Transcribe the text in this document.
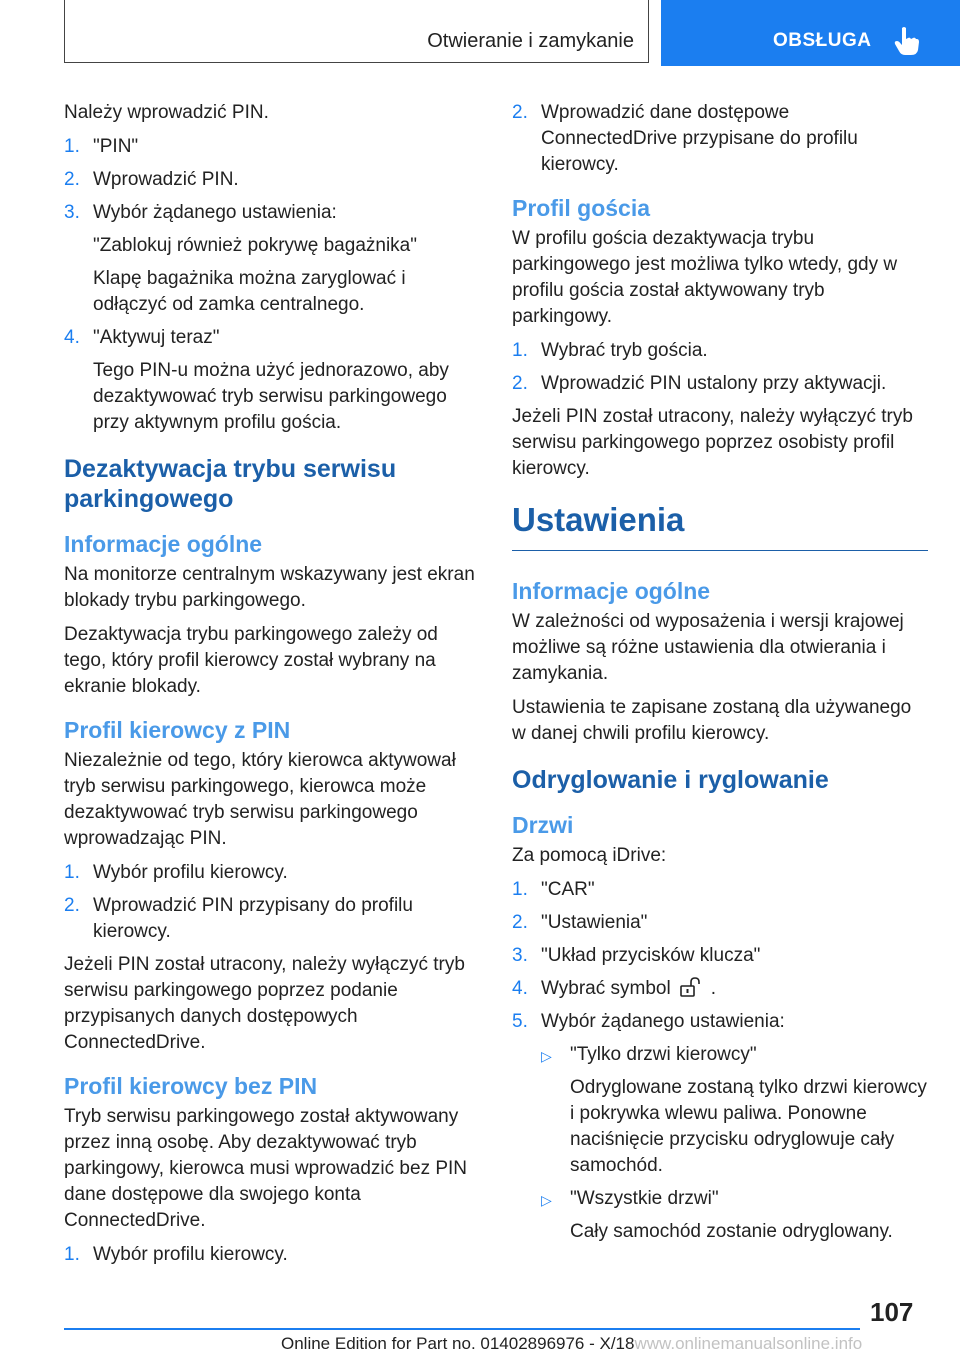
Otwieranie i zamykanie	OBSŁUGA

Należy wprowadzić PIN.

1. "PIN"

2. Wprowadzić PIN.

3. Wybór żądanego ustawienia:

"Zablokuj również pokrywę bagażnika"

Klapę bagażnika można zaryglować i odłączyć od zamka centralnego.

4. "Aktywuj teraz"

Tego PIN-u można użyć jednorazowo, aby dezaktywować tryb serwisu parkingowego przy aktywnym profilu gościa.

Dezaktywacja trybu serwisu parkingowego
Informacje ogólne

Na monitorze centralnym wskazywany jest ekran blokady trybu parkingowego.

Dezaktywacja trybu parkingowego zależy od tego, który profil kierowcy został wybrany na ekranie blokady.

Profil kierowcy z PIN

Niezależnie od tego, który kierowca aktywował tryb serwisu parkingowego, kierowca może dezaktywować tryb serwisu parkingowego wprowadzając PIN.

1. Wybór profilu kierowcy.

2. Wprowadzić PIN przypisany do profilu kierowcy.

Jeżeli PIN został utracony, należy wyłączyć tryb serwisu parkingowego poprzez podanie przypisanych danych dostępowych ConnectedDrive.

Profil kierowcy bez PIN

Tryb serwisu parkingowego został aktywowany przez inną osobę. Aby dezaktywować tryb parkingowy, kierowca musi wprowadzić bez PIN dane dostępowe dla swojego konta ConnectedDrive.

1. Wybór profilu kierowcy.

2. Wprowadzić dane dostępowe ConnectedDrive przypisane do profilu kierowcy.

Profil gościa

W profilu gościa dezaktywacja trybu parkingowego jest możliwa tylko wtedy, gdy w profilu gościa został aktywowany tryb parkingowy.

1. Wybrać tryb gościa.

2. Wprowadzić PIN ustalony przy aktywacji.

Jeżeli PIN został utracony, należy wyłączyć tryb serwisu parkingowego poprzez osobisty profil kierowcy.

Ustawienia
Informacje ogólne

W zależności od wyposażenia i wersji krajowej możliwe są różne ustawienia dla otwierania i zamykania.

Ustawienia te zapisane zostaną dla używanego w danej chwili profilu kierowcy.

Odryglowanie i ryglowanie
Drzwi

Za pomocą iDrive:

1. "CAR"

2. "Ustawienia"

3. "Układ przycisków klucza"

4. Wybrać symbol .

5. Wybór żądanego ustawienia:

▷ "Tylko drzwi kierowcy"

Odryglowane zostaną tylko drzwi kierowcy i pokrywka wlewu paliwa. Ponowne naciśnięcie przycisku odryglowuje cały samochód.

▷ "Wszystkie drzwi"

Cały samochód zostanie odryglowany.

107
Online Edition for Part no. 01402896976 - X/18www.onlinemanualsonline.info
